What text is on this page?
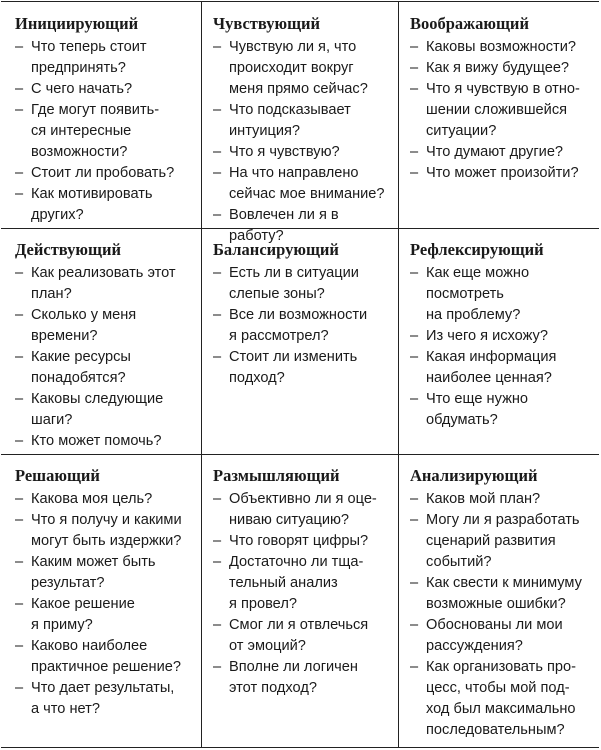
Инициирующий
– Что теперь стоит
предпринять?
– С чего начать?
– Где могут появить-
ся интересные
возможности?
– Стоит ли пробовать?
– Как мотивировать
других?
Чувствующий
– Чувствую ли я, что
происходит вокруг
меня прямо сейчас?
– Что подсказывает
интуиция?
– Что я чувствую?
– На что направлено
сейчас мое внимание?
– Вовлечен ли я в работу?
Воображающий
– Каковы возможности?
– Как я вижу будущее?
– Что я чувствую в отно-
шении сложившейся
ситуации?
– Что думают другие?
– Что может произойти?
Действующий
– Как реализовать этот
план?
– Сколько у меня
времени?
– Какие ресурсы
понадобятся?
– Каковы следующие
шаги?
– Кто может помочь?
Балансирующий
– Есть ли в ситуации
слепые зоны?
– Все ли возможности
я рассмотрел?
– Стоит ли изменить
подход?
Рефлексирующий
– Как еще можно
посмотреть
на проблему?
– Из чего я исхожу?
– Какая информация
наиболее ценная?
– Что еще нужно
обдумать?
Решающий
– Какова моя цель?
– Что я получу и какими
могут быть издержки?
– Каким может быть
результат?
– Какое решение
я приму?
– Каково наиболее
практичное решение?
– Что дает результаты,
а что нет?
Размышляющий
– Объективно ли я оце-
ниваю ситуацию?
– Что говорят цифры?
– Достаточно ли тща-
тельный анализ
я провел?
– Смог ли я отвлечься
от эмоций?
– Вполне ли логичен
этот подход?
Анализирующий
– Каков мой план?
– Могу ли я разработать
сценарий развития
событий?
– Как свести к минимуму
возможные ошибки?
– Обоснованы ли мои
рассуждения?
– Как организовать про-
цесс, чтобы мой под-
ход был максимально
последовательным?
